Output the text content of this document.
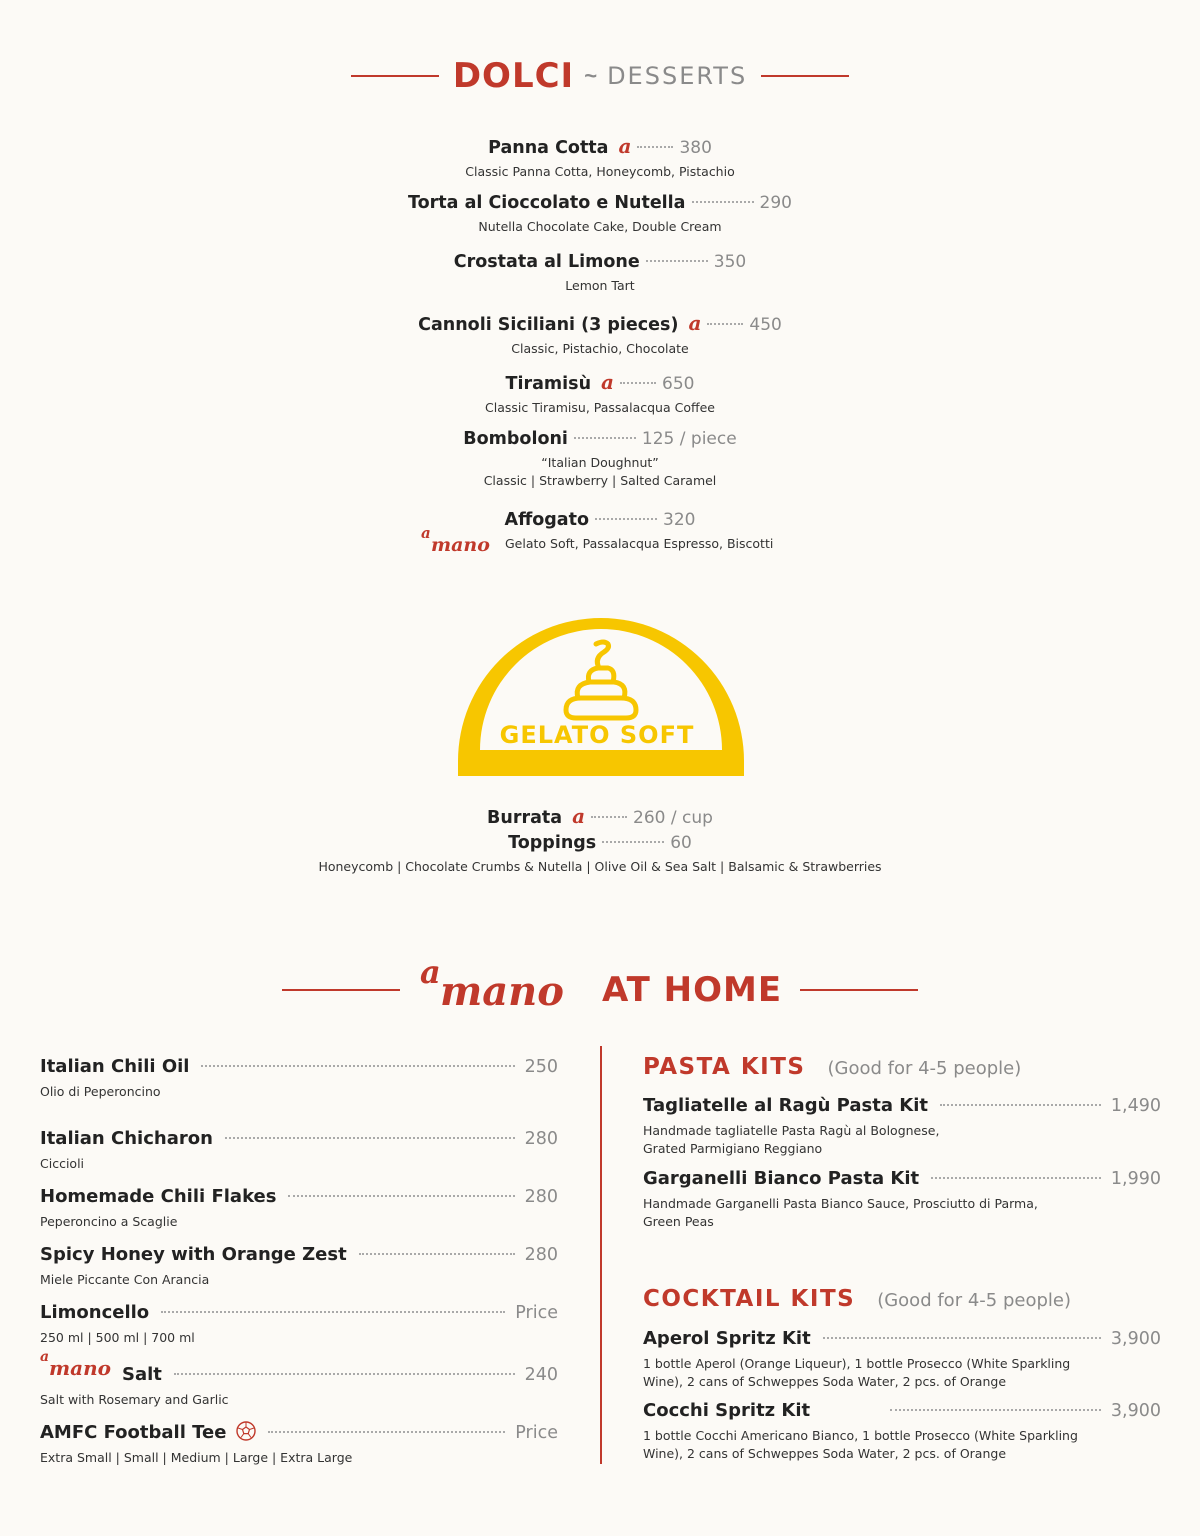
DOLCI ~ DESSERTS
Panna Cotta a	380
Classic Panna Cotta, Honeycomb, Pistachio
Torta al Cioccolato e Nutella	290
Nutella Chocolate Cake, Double Cream
Crostata al Limone	350
Lemon Tart
Cannoli Siciliani (3 pieces) a	450
Classic, Pistachio, Chocolate
Tiramisù a	650
Classic Tiramisu, Passalacqua Coffee
Bomboloni	125 / piece
“Italian Doughnut”
Classic | Strawberry | Salted Caramel
Affogato	320
a
mano Gelato Soft, Passalacqua Espresso, Biscotti
GELATO SOFT
Burrata a	260 / cup
Toppings	60
Honeycomb | Chocolate Crumbs & Nutella | Olive Oil & Sea Salt | Balsamic & Strawberries
a mano AT HOME
Italian Chili Oil	250
Olio di Peperoncino
Italian Chicharon	280
Ciccioli
Homemade Chili Flakes	280
Peperoncino a Scaglie
Spicy Honey with Orange Zest	280
Miele Piccante Con Arancia
Limoncello	Price
250 ml | 500 ml | 700 ml
a mano Salt	240
Salt with Rosemary and Garlic
AMFC Football Tee	Price
Extra Small | Small | Medium | Large | Extra Large
PASTA KITS (Good for 4-5 people)
Tagliatelle al Ragù Pasta Kit	1,490
Handmade tagliatelle Pasta Ragù al Bolognese,
Grated Parmigiano Reggiano
Garganelli Bianco Pasta Kit	1,990
Handmade Garganelli Pasta Bianco Sauce, Prosciutto di Parma,
Green Peas
COCKTAIL KITS (Good for 4-5 people)
Aperol Spritz Kit	3,900
1 bottle Aperol (Orange Liqueur), 1 bottle Prosecco (White Sparkling
Wine), 2 cans of Schweppes Soda Water, 2 pcs. of Orange
Cocchi Spritz Kit	3,900
1 bottle Cocchi Americano Bianco, 1 bottle Prosecco (White Sparkling
Wine), 2 cans of Schweppes Soda Water, 2 pcs. of Orange
